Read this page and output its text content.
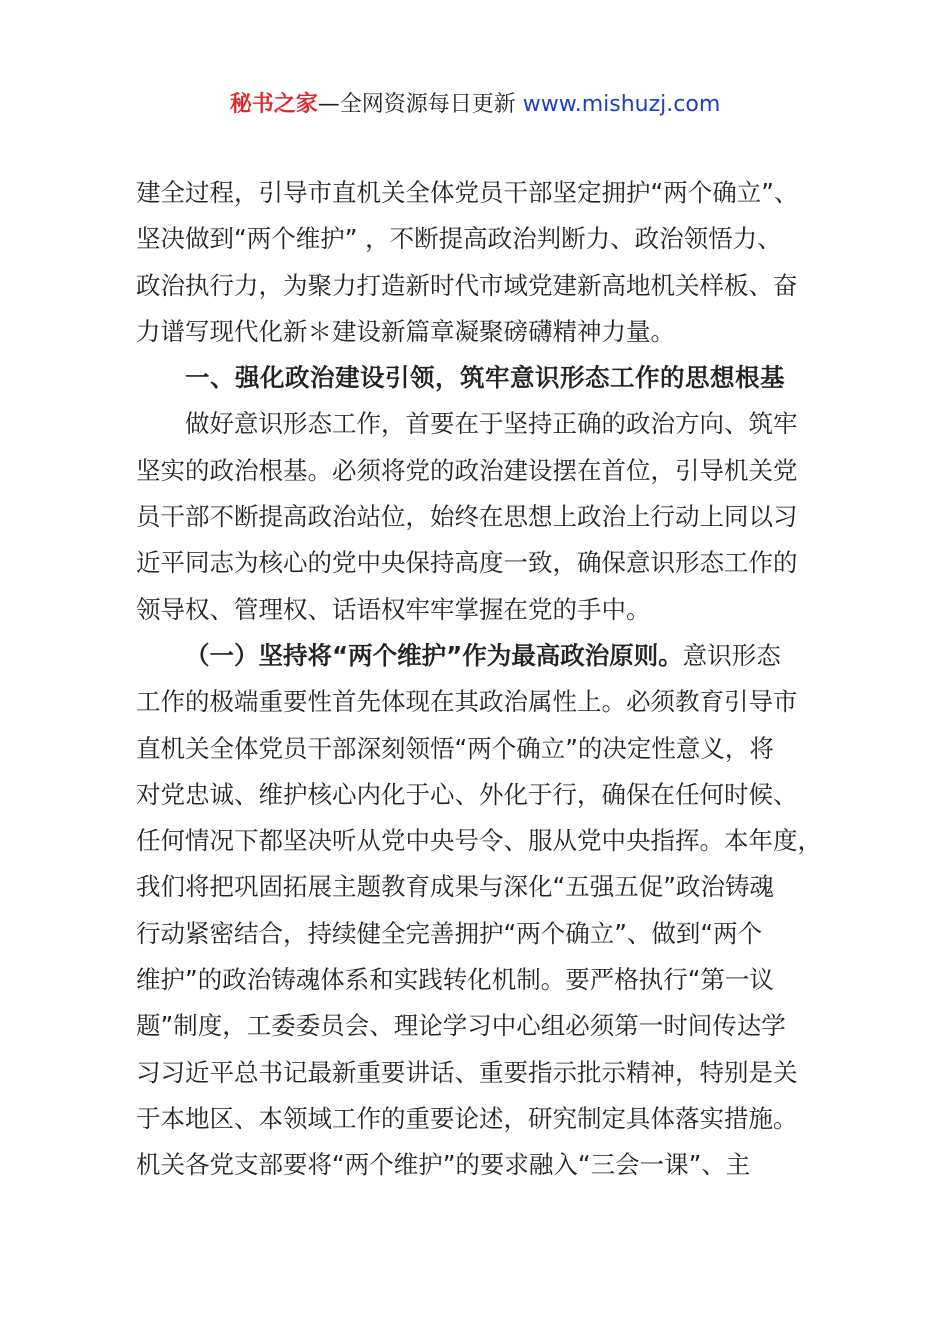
秘书之家—全网资源每日更新 www.mishuzj.com
建全过程，引导市直机关全体党员干部坚定拥护“两个确立”、
坚决做到“两个维护” ，不断提高政治判断力、政治领悟力、
政治执行力，为聚力打造新时代市域党建新高地机关样板、奋
力谱写现代化新＊建设新篇章凝聚磅礴精神力量。
一、强化政治建设引领，筑牢意识形态工作的思想根基
做好意识形态工作，首要在于坚持正确的政治方向、筑牢
坚实的政治根基。必须将党的政治建设摆在首位，引导机关党
员干部不断提高政治站位，始终在思想上政治上行动上同以习
近平同志为核心的党中央保持高度一致，确保意识形态工作的
领导权、管理权、话语权牢牢掌握在党的手中。
（一）坚持将“两个维护”作为最高政治原则。意识形态
工作的极端重要性首先体现在其政治属性上。必须教育引导市
直机关全体党员干部深刻领悟“两个确立”的决定性意义，将
对党忠诚、维护核心内化于心、外化于行，确保在任何时候、
任何情况下都坚决听从党中央号令、服从党中央指挥。本年度，
我们将把巩固拓展主题教育成果与深化“五强五促”政治铸魂
行动紧密结合，持续健全完善拥护“两个确立”、做到“两个
维护”的政治铸魂体系和实践转化机制。要严格执行“第一议
题”制度，工委委员会、理论学习中心组必须第一时间传达学
习习近平总书记最新重要讲话、重要指示批示精神，特别是关
于本地区、本领域工作的重要论述，研究制定具体落实措施。
机关各党支部要将“两个维护”的要求融入“三会一课”、主
